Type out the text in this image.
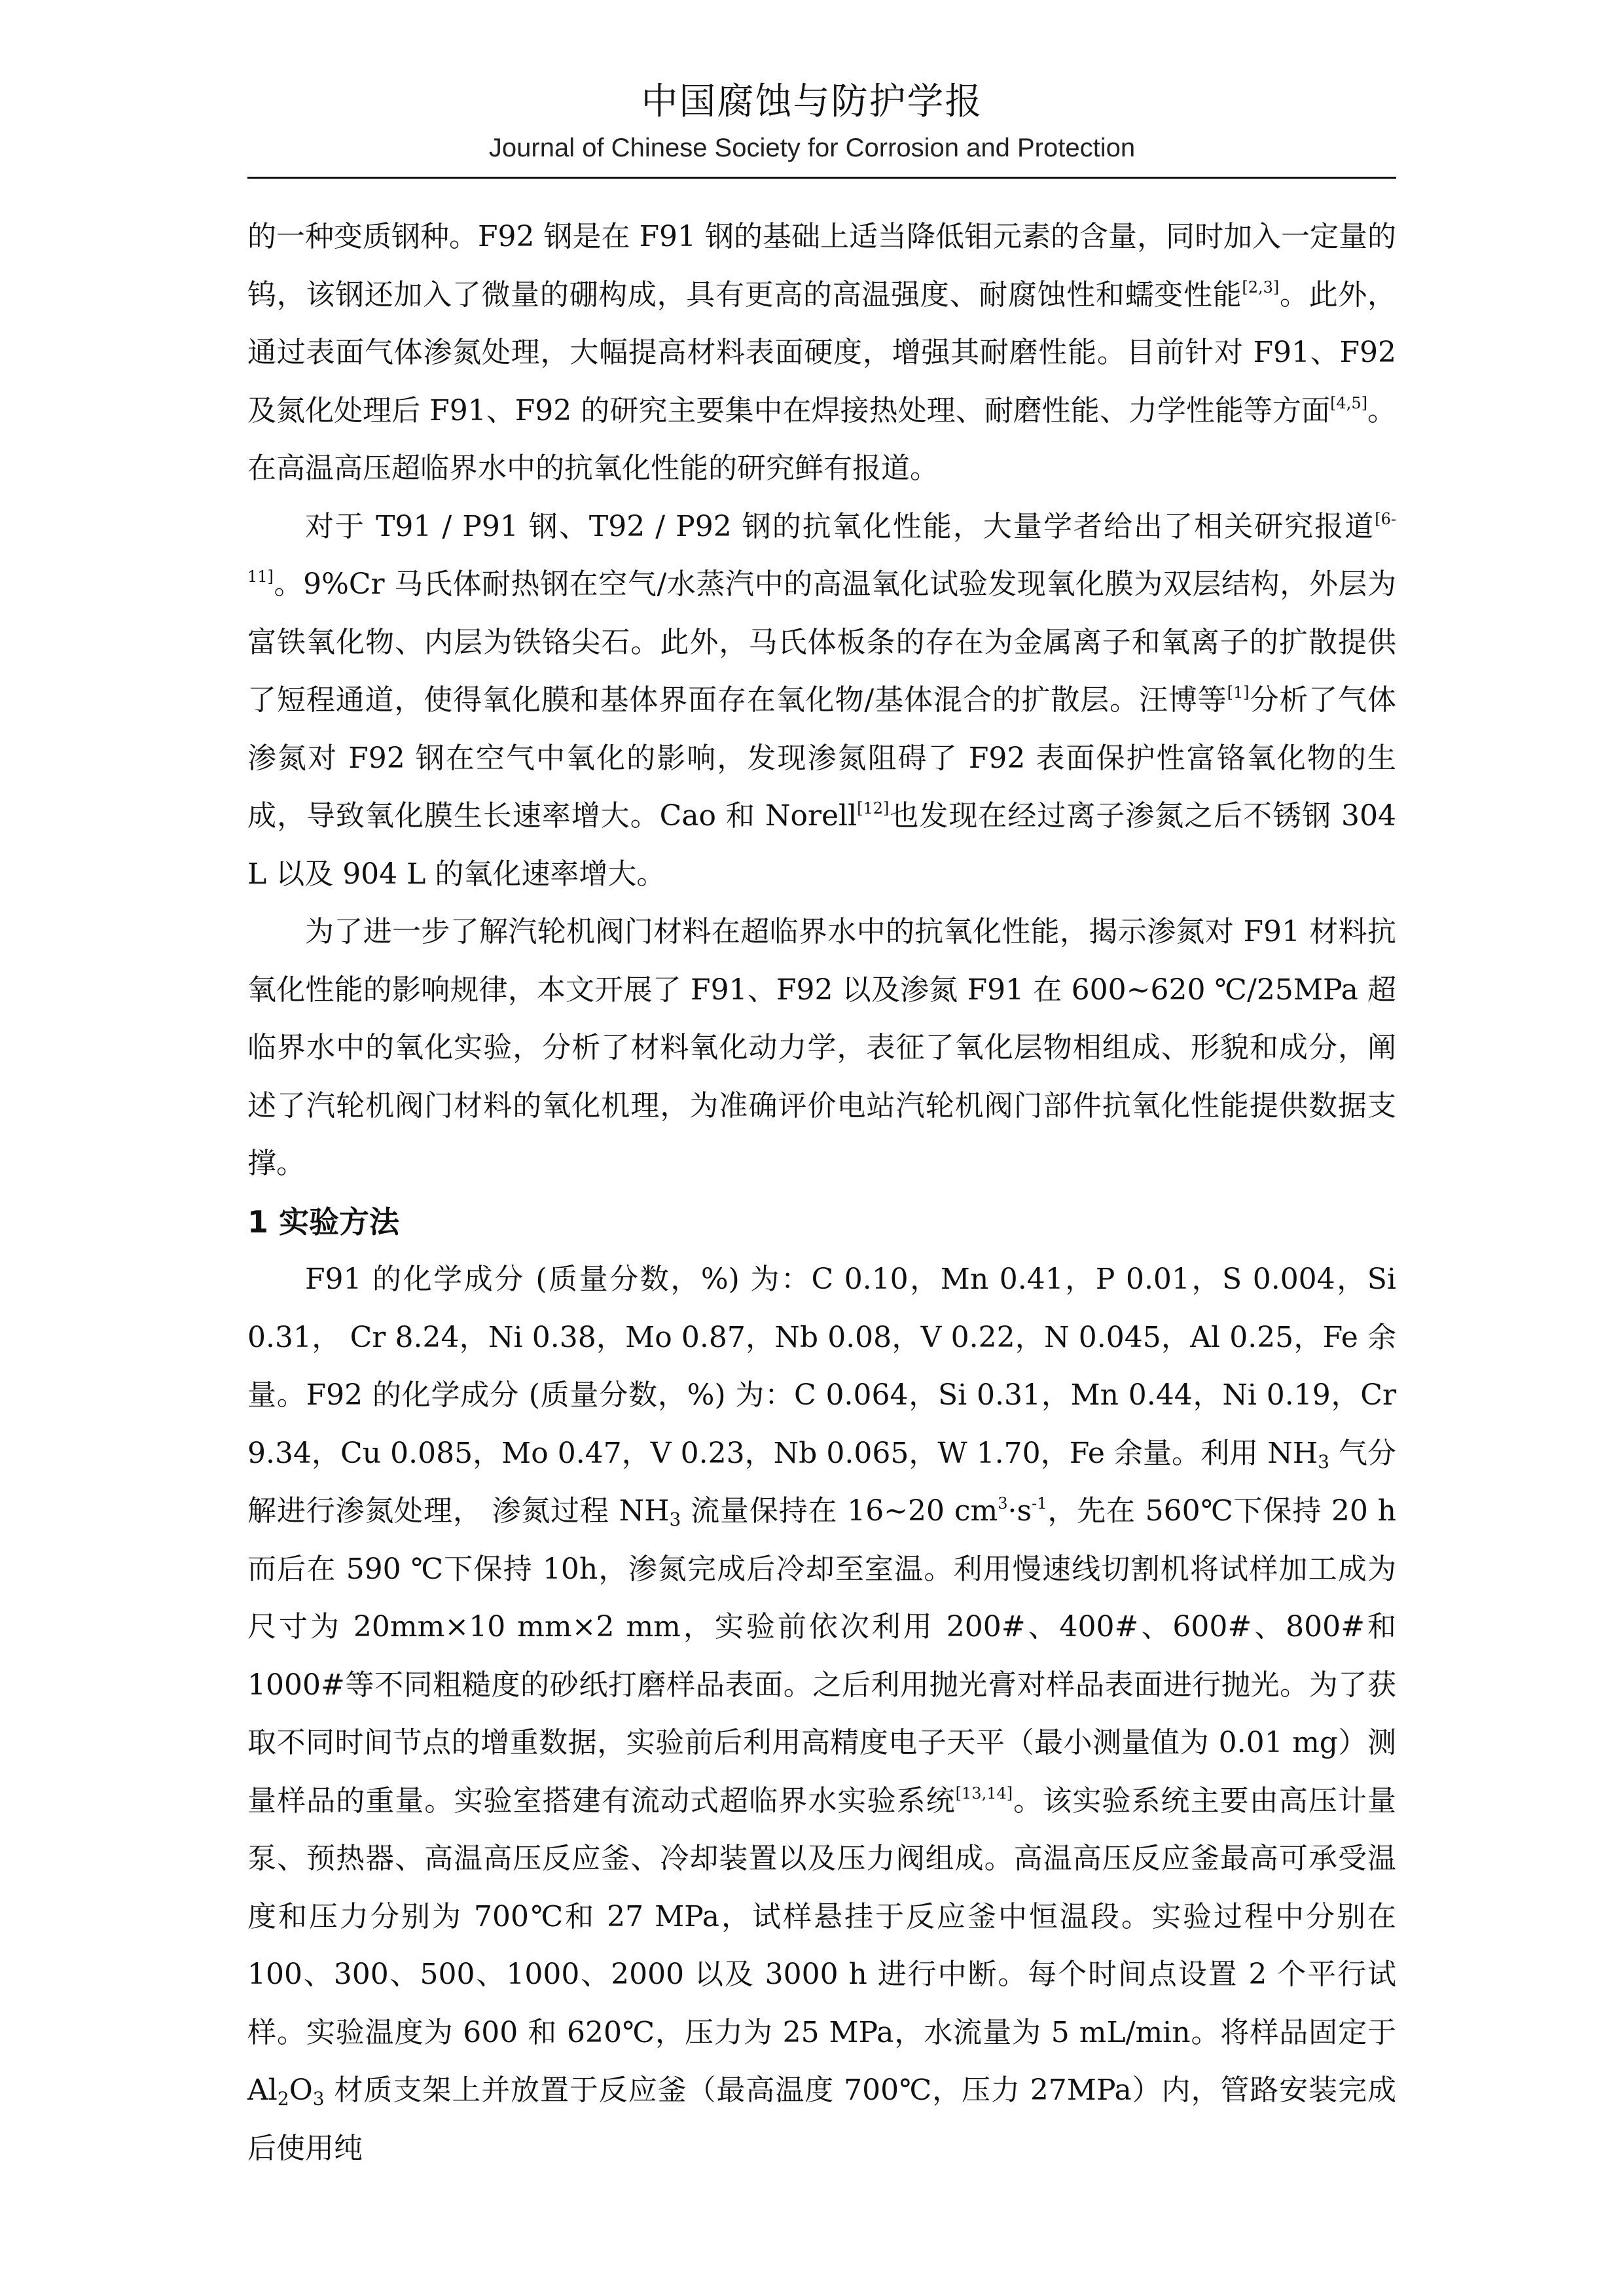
中国腐蚀与防护学报
Journal of Chinese Society for Corrosion and Protection

的一种变质钢种。F92 钢是在 F91 钢的基础上适当降低钼元素的含量，同时加入一定量的钨，该钢还加入了微量的硼构成，具有更高的高温强度、耐腐蚀性和蠕变性能[2,3]。此外，通过表面气体渗氮处理，大幅提高材料表面硬度，增强其耐磨性能。目前针对 F91、F92 及氮化处理后 F91、F92 的研究主要集中在焊接热处理、耐磨性能、力学性能等方面[4,5]。在高温高压超临界水中的抗氧化性能的研究鲜有报道。

对于 T91 / P91 钢、T92 / P92 钢的抗氧化性能，大量学者给出了相关研究报道[6-11]。9%Cr 马氏体耐热钢在空气/水蒸汽中的高温氧化试验发现氧化膜为双层结构，外层为富铁氧化物、内层为铁铬尖石。此外，马氏体板条的存在为金属离子和氧离子的扩散提供了短程通道，使得氧化膜和基体界面存在氧化物/基体混合的扩散层。汪博等[1]分析了气体渗氮对 F92 钢在空气中氧化的影响，发现渗氮阻碍了 F92 表面保护性富铬氧化物的生成，导致氧化膜生长速率增大。Cao 和 Norell[12]也发现在经过离子渗氮之后不锈钢 304 L 以及 904 L 的氧化速率增大。

为了进一步了解汽轮机阀门材料在超临界水中的抗氧化性能，揭示渗氮对 F91 材料抗氧化性能的影响规律，本文开展了 F91、F92 以及渗氮 F91 在 600~620 ℃/25MPa 超临界水中的氧化实验，分析了材料氧化动力学，表征了氧化层物相组成、形貌和成分，阐述了汽轮机阀门材料的氧化机理，为准确评价电站汽轮机阀门部件抗氧化性能提供数据支撑。

1 实验方法

F91 的化学成分 (质量分数，%) 为：C 0.10，Mn 0.41，P 0.01，S 0.004，Si 0.31， Cr 8.24，Ni 0.38，Mo 0.87，Nb 0.08，V 0.22，N 0.045，Al 0.25，Fe 余量。F92 的化学成分 (质量分数，%) 为：C 0.064，Si 0.31，Mn 0.44，Ni 0.19，Cr 9.34，Cu 0.085，Mo 0.47，V 0.23，Nb 0.065，W 1.70，Fe 余量。利用 $NH_3$ 气分解进行渗氮处理， 渗氮过程 $NH_3$ 流量保持在 16~20 $cm^3\cdot s^{-1}$，先在 560℃下保持 20 h 而后在 590 ℃下保持 10h，渗氮完成后冷却至室温。利用慢速线切割机将试样加工成为尺寸为 20mm×10 mm×2 mm，实验前依次利用 200#、400#、600#、800#和 1000#等不同粗糙度的砂纸打磨样品表面。之后利用抛光膏对样品表面进行抛光。为了获取不同时间节点的增重数据，实验前后利用高精度电子天平（最小测量值为 0.01 mg）测量样品的重量。实验室搭建有流动式超临界水实验系统[13,14]。该实验系统主要由高压计量泵、预热器、高温高压反应釜、冷却装置以及压力阀组成。高温高压反应釜最高可承受温度和压力分别为 700℃和 27 MPa，试样悬挂于反应釜中恒温段。实验过程中分别在 100、300、500、1000、2000 以及 3000 h 进行中断。每个时间点设置 2 个平行试样。实验温度为 600 和 620℃，压力为 25 MPa，水流量为 5 mL/min。将样品固定于 $Al_2O_3$ 材质支架上并放置于反应釜（最高温度 700℃，压力 27MPa）内，管路安装完成后使用纯
